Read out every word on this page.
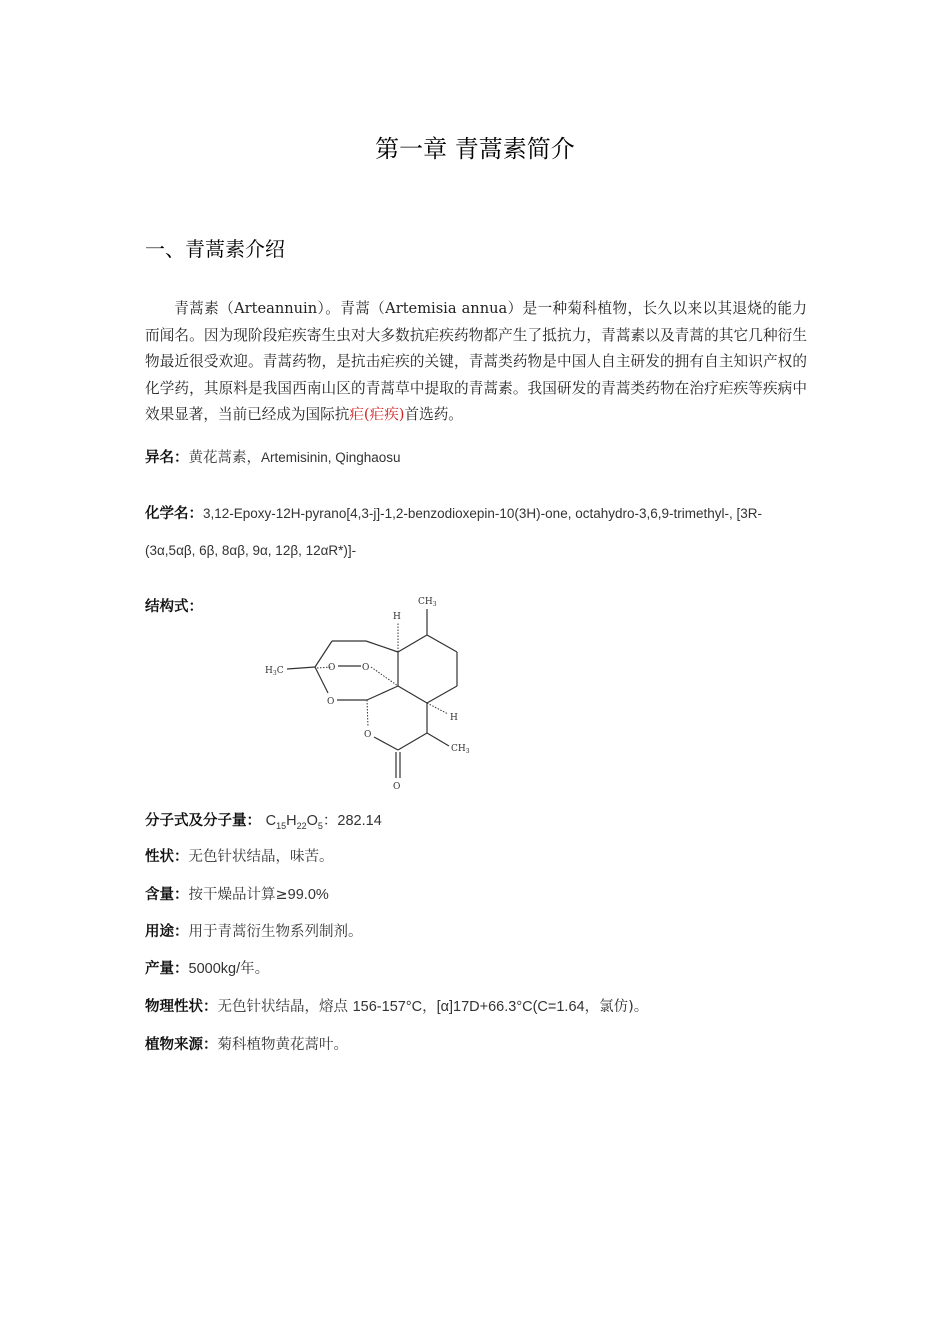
第一章 青蒿素简介
一、青蒿素介绍
青蒿素（Arteannuin）。青蒿（Artemisia annua）是一种菊科植物，长久以来以其退烧的能力而闻名。因为现阶段疟疾寄生虫对大多数抗疟疾药物都产生了抵抗力，青蒿素以及青蒿的其它几种衍生物最近很受欢迎。青蒿药物，是抗击疟疾的关键，青蒿类药物是中国人自主研发的拥有自主知识产权的化学药，其原料是我国西南山区的青蒿草中提取的青蒿素。我国研发的青蒿类药物在治疗疟疾等疾病中效果显著，当前已经成为国际抗疟(疟疾)首选药。
异名：黄花蒿素，Artemisinin, Qinghaosu
化学名：3,12-Epoxy-12H-pyrano[4,3-j]-1,2-benzodioxepin-10(3H)-one, octahydro-3,6,9-trimethyl-, [3R-
(3α,5αβ, 6β, 8αβ, 9α, 12β, 12αR*)]-
结构式：	$CH_3$
H
$H_3C$	O	O
O
O
O
H
$CH_3$
分子式及分子量： $C_{15}H_{22}O_5$：282.14
性状：无色针状结晶，味苦。
含量：按干燥品计算≥99.0%
用途：用于青蒿衍生物系列制剂。
产量：5000kg/年。
物理性状：无色针状结晶，熔点 156-157°C，[α]17D+66.3°C(C=1.64，氯仿)。
植物来源：菊科植物黄花蒿叶。
